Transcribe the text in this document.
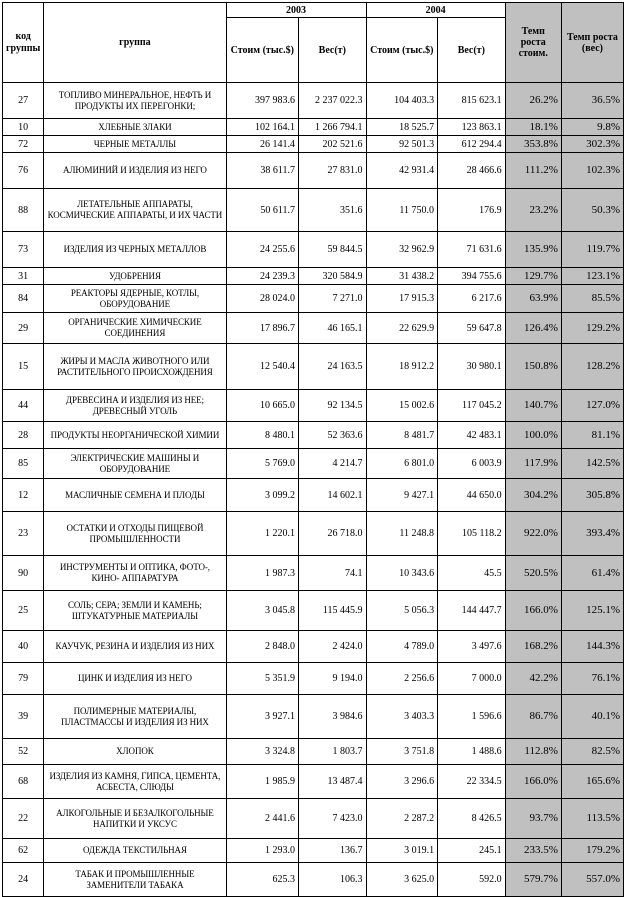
код группы	группа	2003		2004		Темп роста стоим.	Темп роста (вес)
		Стоим (тыс.$)	Вес(т)	Стоим (тыс.$)	Вес(т)		
27	ТОПЛИВО МИНЕРАЛЬНОЕ, НЕФТЬ И ПРОДУКТЫ ИХ ПЕРЕГОНКИ;	397 983.6	2 237 022.3	104 403.3	815 623.1	26.2%	36.5%
10	ХЛЕБНЫЕ ЗЛАКИ	102 164.1	1 266 794.1	18 525.7	123 863.1	18.1%	9.8%
72	ЧЕРНЫЕ МЕТАЛЛЫ	26 141.4	202 521.6	92 501.3	612 294.4	353.8%	302.3%
76	АЛЮМИНИЙ И ИЗДЕЛИЯ ИЗ НЕГО	38 611.7	27 831.0	42 931.4	28 466.6	111.2%	102.3%
88	ЛЕТАТЕЛЬНЫЕ АППАРАТЫ, КОСМИЧЕСКИЕ АППАРАТЫ, И ИХ ЧАСТИ	50 611.7	351.6	11 750.0	176.9	23.2%	50.3%
73	ИЗДЕЛИЯ ИЗ ЧЕРНЫХ МЕТАЛЛОВ	24 255.6	59 844.5	32 962.9	71 631.6	135.9%	119.7%
31	УДОБРЕНИЯ	24 239.3	320 584.9	31 438.2	394 755.6	129.7%	123.1%
84	РЕАКТОРЫ ЯДЕРНЫЕ, КОТЛЫ, ОБОРУДОВАНИЕ	28 024.0	7 271.0	17 915.3	6 217.6	63.9%	85.5%
29	ОРГАНИЧЕСКИЕ ХИМИЧЕСКИЕ СОЕДИНЕНИЯ	17 896.7	46 165.1	22 629.9	59 647.8	126.4%	129.2%
15	ЖИРЫ И МАСЛА ЖИВОТНОГО ИЛИ РАСТИТЕЛЬНОГО ПРОИСХОЖДЕНИЯ	12 540.4	24 163.5	18 912.2	30 980.1	150.8%	128.2%
44	ДРЕВЕСИНА И ИЗДЕЛИЯ ИЗ НЕЕ; ДРЕВЕСНЫЙ УГОЛЬ	10 665.0	92 134.5	15 002.6	117 045.2	140.7%	127.0%
28	ПРОДУКТЫ НЕОРГАНИЧЕСКОЙ ХИМИИ	8 480.1	52 363.6	8 481.7	42 483.1	100.0%	81.1%
85	ЭЛЕКТРИЧЕСКИЕ МАШИНЫ И ОБОРУДОВАНИЕ	5 769.0	4 214.7	6 801.0	6 003.9	117.9%	142.5%
12	МАСЛИЧНЫЕ СЕМЕНА И ПЛОДЫ	3 099.2	14 602.1	9 427.1	44 650.0	304.2%	305.8%
23	ОСТАТКИ И ОТХОДЫ ПИЩЕВОЙ ПРОМЫШЛЕННОСТИ	1 220.1	26 718.0	11 248.8	105 118.2	922.0%	393.4%
90	ИНСТРУМЕНТЫ И ОПТИКА, ФОТО-, КИНО- АППАРАТУРА	1 987.3	74.1	10 343.6	45.5	520.5%	61.4%
25	СОЛЬ; СЕРА; ЗЕМЛИ И КАМЕНЬ; ШТУКАТУРНЫЕ МАТЕРИАЛЫ	3 045.8	115 445.9	5 056.3	144 447.7	166.0%	125.1%
40	КАУЧУК, РЕЗИНА И ИЗДЕЛИЯ ИЗ НИХ	2 848.0	2 424.0	4 789.0	3 497.6	168.2%	144.3%
79	ЦИНК И ИЗДЕЛИЯ ИЗ НЕГО	5 351.9	9 194.0	2 256.6	7 000.0	42.2%	76.1%
39	ПОЛИМЕРНЫЕ МАТЕРИАЛЫ, ПЛАСТМАССЫ И ИЗДЕЛИЯ ИЗ НИХ	3 927.1	3 984.6	3 403.3	1 596.6	86.7%	40.1%
52	ХЛОПОК	3 324.8	1 803.7	3 751.8	1 488.6	112.8%	82.5%
68	ИЗДЕЛИЯ ИЗ КАМНЯ, ГИПСА, ЦЕМЕНТА, АСБЕСТА, СЛЮДЫ	1 985.9	13 487.4	3 296.6	22 334.5	166.0%	165.6%
22	АЛКОГОЛЬНЫЕ И БЕЗАЛКОГОЛЬНЫЕ НАПИТКИ И УКСУС	2 441.6	7 423.0	2 287.2	8 426.5	93.7%	113.5%
62	ОДЕЖДА ТЕКСТИЛЬНАЯ	1 293.0	136.7	3 019.1	245.1	233.5%	179.2%
24	ТАБАК И ПРОМЫШЛЕННЫЕ ЗАМЕНИТЕЛИ ТАБАКА	625.3	106.3	3 625.0	592.0	579.7%	557.0%
